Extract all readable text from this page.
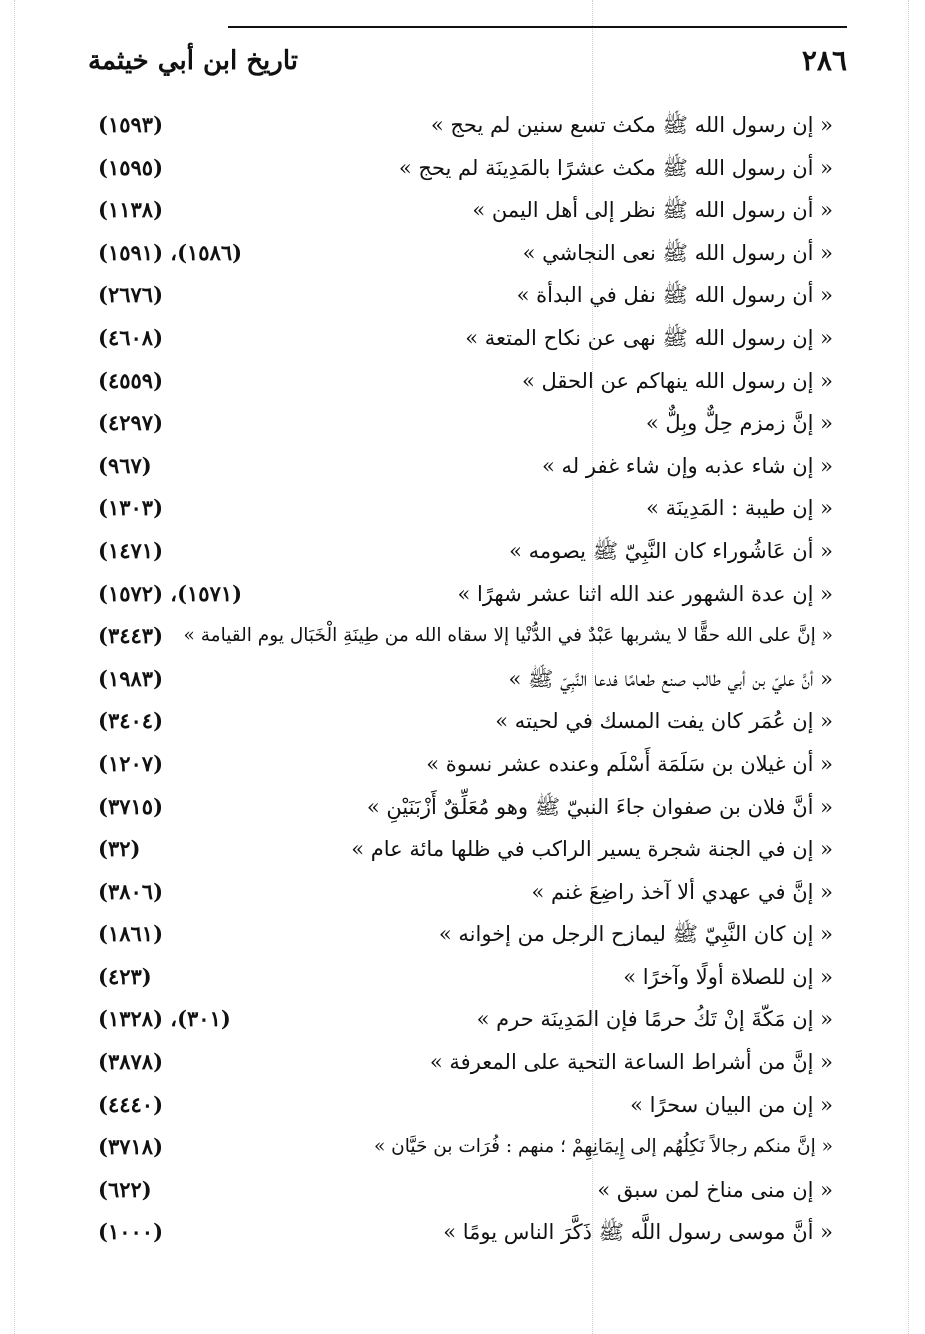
٢٨٦
تاريخ ابن أبي خيثمة
« إن رسول الله ﷺ مكث تسع سنين لم يحج »
(١٥٩٣)
« أن رسول الله ﷺ مكث عشرًا بالمَدِينَة لم يحج »
(١٥٩٥)
« أن رسول الله ﷺ نظر إلى أهل اليمن »
(١١٣٨)
« أن رسول الله ﷺ نعى النجاشي »
(١٥٨٦)، (١٥٩١)
« أن رسول الله ﷺ نفل في البدأة »
(٢٦٧٦)
« إن رسول الله ﷺ نهى عن نكاح المتعة »
(٤٦٠٨)
« إن رسول الله ينهاكم عن الحقل »
(٤٥٥٩)
« إنَّ زمزم حِلٌّ وبِلٌّ »
(٤٢٩٧)
« إن شاء عذبه وإن شاء غفر له »
(٩٦٧)
« إن طيبة : المَدِينَة »
(١٣٠٣)
« أن عَاشُوراء كان النَّبِيّ ﷺ يصومه »
(١٤٧١)
« إن عدة الشهور عند الله اثنا عشر شهرًا »
(١٥٧١)، (١٥٧٢)
« إنَّ على الله حقًّا لا يشربها عَبْدٌ في الدُّنْيا إلا سقاه الله من طِينَةِ الْخَبَال يوم القيامة »
(٣٤٤٣)
« أنَّ عليّ بن أبي طالب صنع طعامًا فدعا النَّبِيّ ﷺ »
(١٩٨٣)
« إن عُمَر كان يفت المسك في لحيته »
(٣٤٠٤)
« أن غيلان بن سَلَمَة أَسْلَم وعنده عشر نسوة »
(١٢٠٧)
« أنَّ فلان بن صفوان جاءَ النبيّ ﷺ وهو مُعَلِّقٌ أَزْبَنَيْنِ »
(٣٧١٥)
« إن في الجنة شجرة يسير الراكب في ظلها مائة عام »
(٣٢)
« إنَّ في عهدي ألا آخذ راضِعَ غنم »
(٣٨٠٦)
« إن كان النَّبِيّ ﷺ ليمازح الرجل من إخوانه »
(١٨٦١)
« إن للصلاة أولًا وآخرًا »
(٤٢٣)
« إن مَكّةَ إنْ تَكُ حرمًا فإن المَدِينَة حرم »
(٣٠١)، (١٣٢٨)
« إنَّ من أشراط الساعة التحية على المعرفة »
(٣٨٧٨)
« إن من البيان سحرًا »
(٤٤٤٠)
« إنَّ منكم رجالاً نَكِلُهُم إلى إِيمَانِهِمْ ؛ منهم : فُرَات بن حَيَّان »
(٣٧١٨)
« إن منى مناخ لمن سبق »
(٦٢٢)
« أنَّ موسى رسول اللَّه ﷺ ذَكَّرَ الناس يومًا »
(١٠٠٠)
